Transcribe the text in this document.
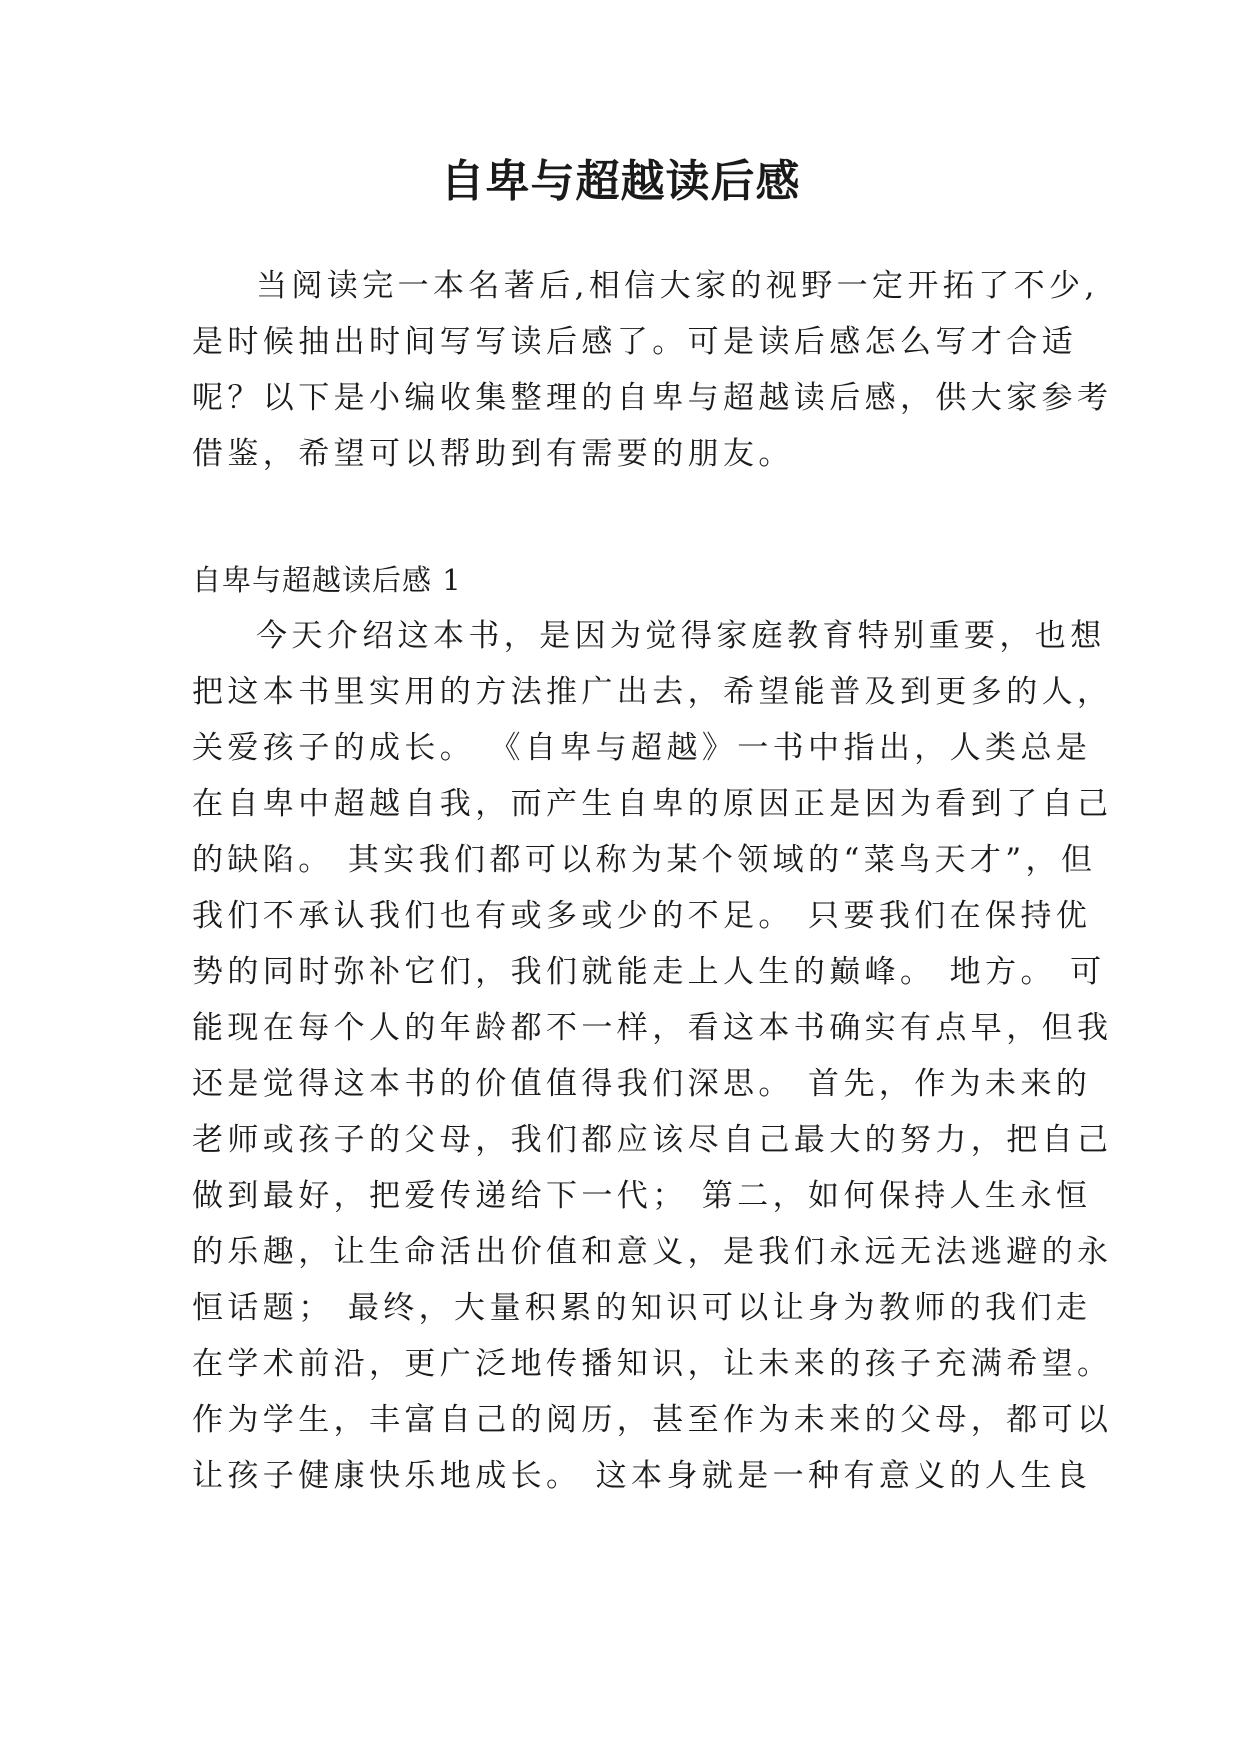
自卑与超越读后感

当阅读完一本名著后,相信大家的视野一定开拓了不少,

是时候抽出时间写写读后感了。可是读后感怎么写才合适

呢？以下是小编收集整理的自卑与超越读后感，供大家参考

借鉴，希望可以帮助到有需要的朋友。

自卑与超越读后感 1

今天介绍这本书，是因为觉得家庭教育特别重要，也想

把这本书里实用的方法推广出去，希望能普及到更多的人，

关爱孩子的成长。 《自卑与超越》一书中指出，人类总是

在自卑中超越自我，而产生自卑的原因正是因为看到了自己

的缺陷。 其实我们都可以称为某个领域的“菜鸟天才”，但

我们不承认我们也有或多或少的不足。 只要我们在保持优

势的同时弥补它们，我们就能走上人生的巅峰。 地方。 可

能现在每个人的年龄都不一样，看这本书确实有点早，但我

还是觉得这本书的价值值得我们深思。 首先，作为未来的

老师或孩子的父母，我们都应该尽自己最大的努力，把自己

做到最好，把爱传递给下一代； 第二，如何保持人生永恒

的乐趣，让生命活出价值和意义，是我们永远无法逃避的永

恒话题； 最终，大量积累的知识可以让身为教师的我们走

在学术前沿，更广泛地传播知识，让未来的孩子充满希望。

作为学生，丰富自己的阅历，甚至作为未来的父母，都可以

让孩子健康快乐地成长。 这本身就是一种有意义的人生良
